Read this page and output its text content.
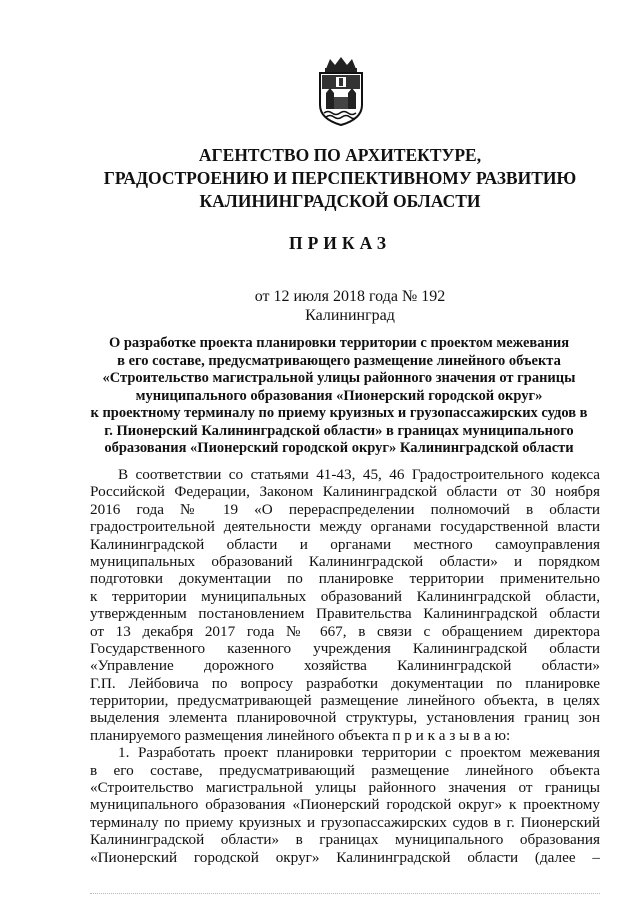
АГЕНТСТВО ПО АРХИТЕКТУРЕ,
ГРАДОСТРОЕНИЮ И ПЕРСПЕКТИВНОМУ РАЗВИТИЮ
КАЛИНИНГРАДСКОЙ ОБЛАСТИ
ПРИКАЗ
от 12 июля 2018 года № 192
Калининград
О разработке проекта планировки территории с проектом межевания
в его составе, предусматривающего размещение линейного объекта
«Строительство магистральной улицы районного значения от границы
муниципального образования «Пионерский городской округ»
к проектному терминалу по приему круизных и грузопассажирских судов в
г. Пионерский Калининградской области» в границах муниципального
образования «Пионерский городской округ» Калининградской области
В соответствии со статьями 41-43, 45, 46 Градостроительного кодекса
Российской Федерации, Законом Калининградской области от 30 ноября
2016 года № 19 «О перераспределении полномочий в области
градостроительной деятельности между органами государственной власти
Калининградской области и органами местного самоуправления
муниципальных образований Калининградской области» и порядком
подготовки документации по планировке территории применительно
к территории муниципальных образований Калининградской области,
утвержденным постановлением Правительства Калининградской области
от 13 декабря 2017 года № 667, в связи с обращением директора
Государственного казенного учреждения Калининградской области
«Управление дорожного хозяйства Калининградской области»
Г.П. Лейбовича по вопросу разработки документации по планировке
территории, предусматривающей размещение линейного объекта, в целях
выделения элемента планировочной структуры, установления границ зон
планируемого размещения линейного объекта п р и к а з ы в а ю:
1. Разработать проект планировки территории с проектом межевания
в его составе, предусматривающий размещение линейного объекта
«Строительство магистральной улицы районного значения от границы
муниципального образования «Пионерский городской округ» к проектному
терминалу по приему круизных и грузопассажирских судов в г. Пионерский
Калининградской области» в границах муниципального образования
«Пионерский городской округ» Калининградской области (далее –
